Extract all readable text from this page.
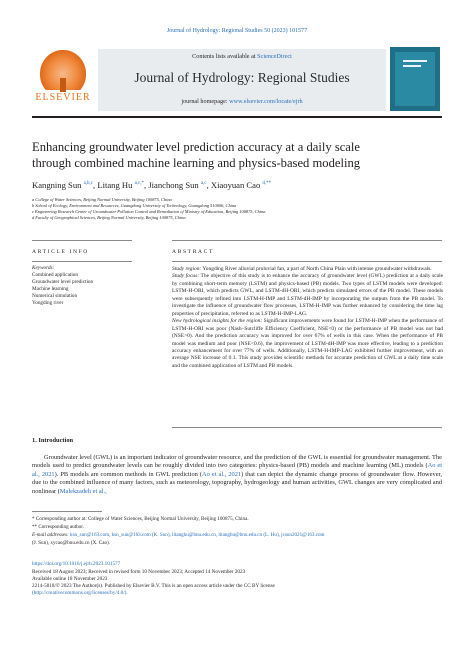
Journal of Hydrology: Regional Studies 50 (2023) 101577
ELSEVIER
Contents lists available at ScienceDirect
Journal of Hydrology: Regional Studies
journal homepage: www.elsevier.com/locate/ejrh
Enhancing groundwater level prediction accuracy at a daily scale
through combined machine learning and physics-based modeling
Kangning Sun $^{a,b,c}$, Litang Hu $^{a,c,*}$, Jianchong Sun $^{a,c}$, Xiaoyuan Cao $^{d,**}$
a College of Water Sciences, Beijing Normal University, Beijing 100875, China
b School of Ecology, Environment and Resources, Guangdong University of Technology, Guangdong 510006, China
c Engineering Research Center of Groundwater Pollution Control and Remediation of Ministry of Education, Beijing 100875, China
d Faculty of Geographical Sciences, Beijing Normal University, Beijing 100875, China
ARTICLE INFO	ABSTRACT
Keywords:
Combined application
Groundwater level prediction
Machine learning
Numerical simulation
Yongding river
Study region: Yongding River alluvial proluvial fan, a part of North China Plain with intense groundwater withdrawals.
Study focus: The objective of this study is to enhance the accuracy of groundwater level (GWL) prediction at a daily scale by combining short-term memory (LSTM) and physics-based (PB) models. Two types of LSTM models were developed: LSTM-H-ORI, which predicts GWL, and LSTM-dH-ORI, which predicts simulated errors of the PB model. These models were subsequently refined into LSTM-H-IMP and LSTM-dH-IMP by incorporating the outputs from the PB model. To investigate the influence of groundwater flow processes, LSTM-H-IMP was further enhanced by considering the time lag properties of precipitation, referred to as LSTM-H-IMP-LAG.
New hydrological insights for the region: Significant improvements were found for LSTM-H-IMP when the performance of LSTM-H-ORI was poor (Nash–Sutcliffe Efficiency Coefficient, NSE<0) or the performance of PB model was not bad (NSE>0). And the prediction accuracy was improved for over 67% of wells in this case. When the performance of PB model was medium and poor (NSE<0.6), the improvement of LSTM-dH-IMP was more effective, leading to a prediction accuracy enhancement for over 77% of wells. Additionally, LSTM-H-IMP-LAG exhibited further improvement, with an average NSE increase of 0.1. This study provides scientific methods for accurate prediction of GWL at a daily time scale and the combined application of LSTM and PB models.
1. Introduction
Groundwater level (GWL) is an important indicator of groundwater resource, and the prediction of the GWL is essential for groundwater management. The models used to predict groundwater levels can be roughly divided into two categories: physics-based (PB) models and machine learning (ML) models (Ao et al., 2021). PB models are common methods in GWL prediction (Ao et al., 2021) that can depict the dynamic change process of groundwater flow. However, due to the combined influence of many factors, such as meteorology, topography, hydrogeology and human activities, GWL changes are very complicated and nonlinear (Malekzadeh et al.,
* Corresponding author at: College of Water Sciences, Beijing Normal University, Beijing 100875, China.
** Corresponding author.
E-mail addresses: ksn_sun@163.com, ksn_sun@163.com (K. Sun), litanghu@bnu.edu.cn, litanghu@bnu.edu.cn (L. Hu), jcsun2021@163.com
(J. Sun), xycao@bnu.edu.cn (X. Cao).
https://doi.org/10.1016/j.ejrh.2023.101577
Received 18 August 2023; Received in revised form 10 November 2023; Accepted 14 November 2023
Available online 18 November 2023
2214-5818/© 2023 The Author(s). Published by Elsevier B.V. This is an open access article under the CC BY license
(http://creativecommons.org/licenses/by/4.0/).
